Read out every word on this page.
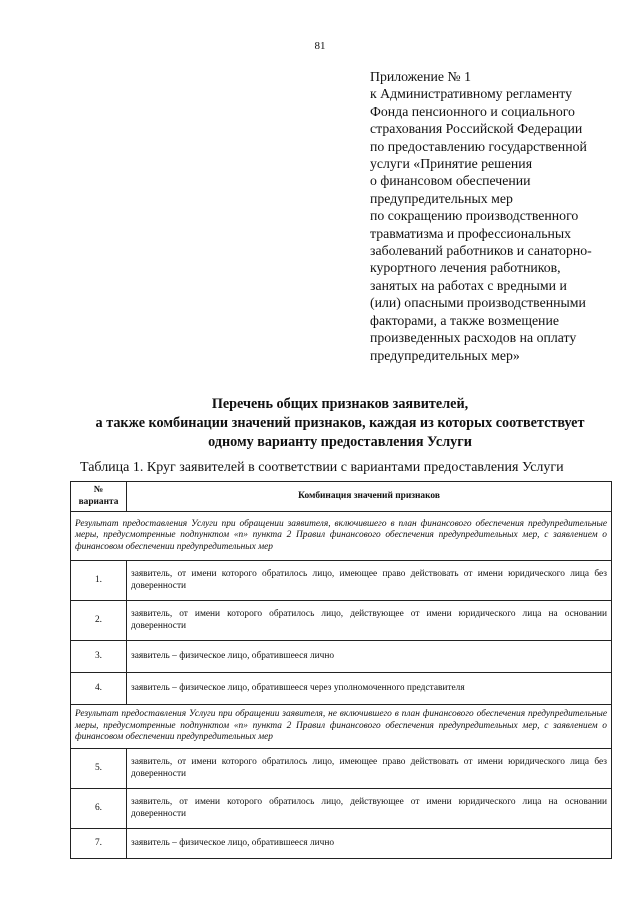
81
Приложение № 1
к Административному регламенту
Фонда пенсионного и социального
страхования Российской Федерации
по предоставлению государственной
услуги «Принятие решения
о финансовом обеспечении
предупредительных мер
по сокращению производственного
травматизма и профессиональных
заболеваний работников и санаторно-
курортного лечения работников,
занятых на работах с вредными и
(или) опасными производственными
факторами, а также возмещение
произведенных расходов на оплату
предупредительных мер»
Перечень общих признаков заявителей,
а также комбинации значений признаков, каждая из которых соответствует
одному варианту предоставления Услуги
Таблица 1. Круг заявителей в соответствии с вариантами предоставления Услуги
№ варианта	Комбинация значений признаков
Результат предоставления Услуги при обращении заявителя, включившего в план финансового обеспечения предупредительные меры, предусмотренные подпунктом «п» пункта 2 Правил финансового обеспечения предупредительных мер, с заявлением о финансовом обеспечении предупредительных мер	
1.	заявитель, от имени которого обратилось лицо, имеющее право действовать от имени юридического лица без доверенности
2.	заявитель, от имени которого обратилось лицо, действующее от имени юридического лица на основании доверенности
3.	заявитель – физическое лицо, обратившееся лично
4.	заявитель – физическое лицо, обратившееся через уполномоченного представителя
Результат предоставления Услуги при обращении заявителя, не включившего в план финансового обеспечения предупредительные меры, предусмотренные подпунктом «п» пункта 2 Правил финансового обеспечения предупредительных мер, с заявлением о финансовом обеспечении предупредительных мер	
5.	заявитель, от имени которого обратилось лицо, имеющее право действовать от имени юридического лица без доверенности
6.	заявитель, от имени которого обратилось лицо, действующее от имени юридического лица на основании доверенности
7.	заявитель – физическое лицо, обратившееся лично
